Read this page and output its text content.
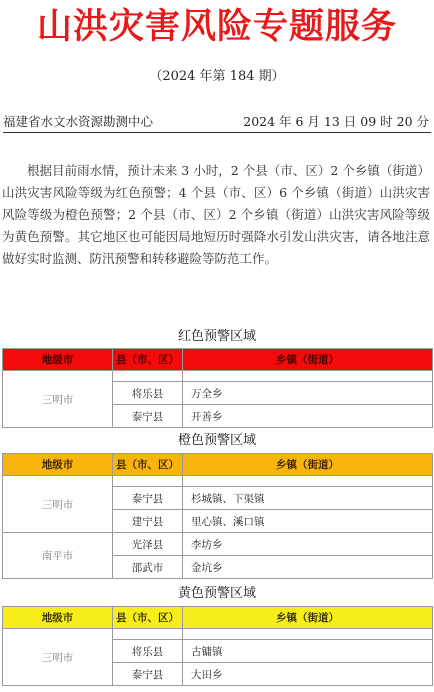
山洪灾害风险专题服务
（2024 年第 184 期）
福建省水文水资源勘测中心	2024 年 6 月 13 日 09 时 20 分
根据目前雨水情，预计未来 3 小时，2 个县（市、区）2 个乡镇（街道）山洪灾害风险等级为红色预警；4 个县（市、区）6 个乡镇（街道）山洪灾害风险等级为橙色预警；2 个县（市、区）2 个乡镇（街道）山洪灾害风险等级为黄色预警。其它地区也可能因局地短历时强降水引发山洪灾害，请各地注意做好实时监测、防汛预警和转移避险等防范工作。
红色预警区域
地级市	县（市、区）	乡镇（街道）
三明市		
	将乐县	万全乡
	泰宁县	开善乡
橙色预警区域
地级市	县（市、区）	乡镇（街道）
三明市		
	泰宁县	杉城镇、下渠镇
	建宁县	里心镇、溪口镇
南平市	光泽县	李坊乡
	邵武市	金坑乡
黄色预警区域
地级市	县（市、区）	乡镇（街道）
三明市		
	将乐县	古镛镇
	泰宁县	大田乡
